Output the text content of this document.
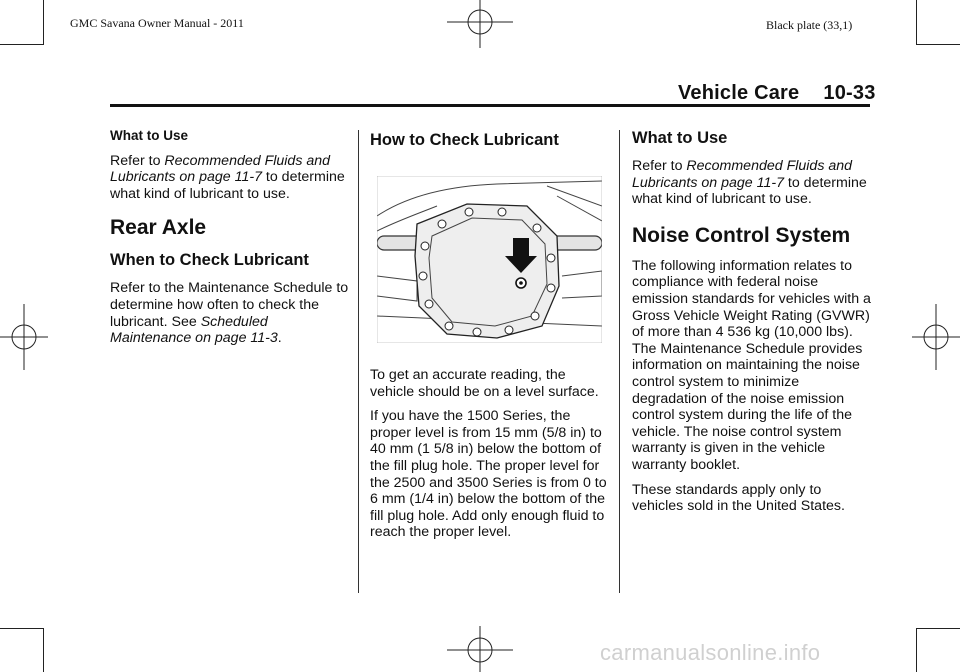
GMC Savana Owner Manual - 2011	Black plate (33,1)
Vehicle Care 10-33
What to Use

Refer to Recommended Fluids and Lubricants on page 11-7 to determine what kind of lubricant to use.

Rear Axle
When to Check Lubricant

Refer to the Maintenance Schedule to determine how often to check the lubricant. See Scheduled Maintenance on page 11-3.

How to Check Lubricant

To get an accurate reading, the vehicle should be on a level surface.

If you have the 1500 Series, the proper level is from 15 mm (5/8 in) to 40 mm (1 5/8 in) below the bottom of the fill plug hole. The proper level for the 2500 and 3500 Series is from 0 to 6 mm (1/4 in) below the bottom of the fill plug hole. Add only enough fluid to reach the proper level.

What to Use

Refer to Recommended Fluids and Lubricants on page 11-7 to determine what kind of lubricant to use.

Noise Control System

The following information relates to compliance with federal noise emission standards for vehicles with a Gross Vehicle Weight Rating (GVWR) of more than 4 536 kg (10,000 lbs). The Maintenance Schedule provides information on maintaining the noise control system to minimize degradation of the noise emission control system during the life of the vehicle. The noise control system warranty is given in the vehicle warranty booklet.

These standards apply only to vehicles sold in the United States.

carmanualsonline.info
